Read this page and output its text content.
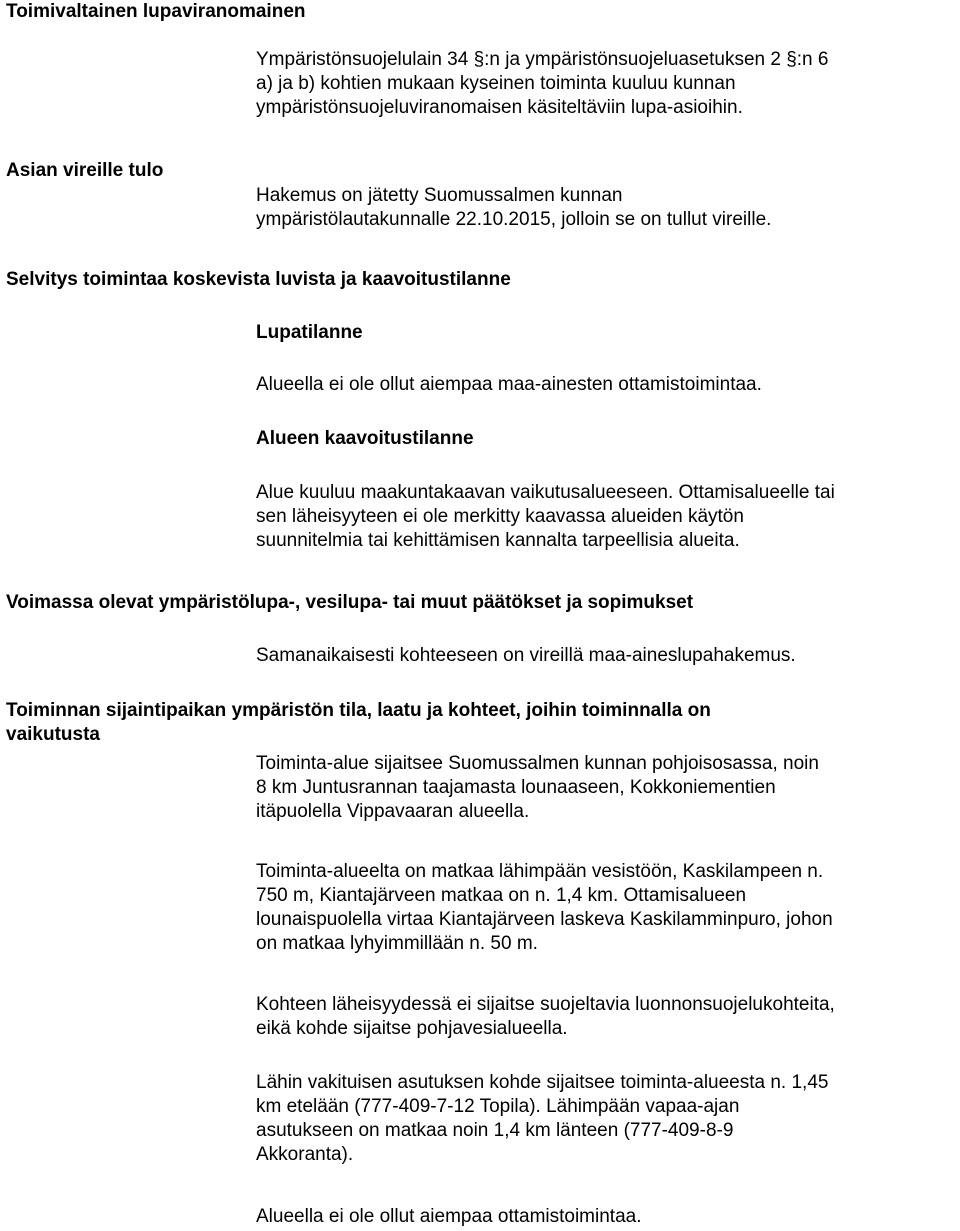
Toimivaltainen lupaviranomainen
Ympäristönsuojelulain 34 §:n ja ympäristönsuojeluasetuksen 2 §:n 6
a) ja b) kohtien mukaan kyseinen toiminta kuuluu kunnan
ympäristönsuojeluviranomaisen käsiteltäviin lupa-asioihin.
Asian vireille tulo
Hakemus on jätetty Suomussalmen kunnan
ympäristölautakunnalle 22.10.2015, jolloin se on tullut vireille.
Selvitys toimintaa koskevista luvista ja kaavoitustilanne
Lupatilanne
Alueella ei ole ollut aiempaa maa-ainesten ottamistoimintaa.
Alueen kaavoitustilanne
Alue kuuluu maakuntakaavan vaikutusalueeseen. Ottamisalueelle tai
sen läheisyyteen ei ole merkitty kaavassa alueiden käytön
suunnitelmia tai kehittämisen kannalta tarpeellisia alueita.
Voimassa olevat ympäristölupa-, vesilupa- tai muut päätökset ja sopimukset
Samanaikaisesti kohteeseen on vireillä maa-aineslupahakemus.
Toiminnan sijaintipaikan ympäristön tila, laatu ja kohteet, joihin toiminnalla on
vaikutusta
Toiminta-alue sijaitsee Suomussalmen kunnan pohjoisosassa, noin
8 km Juntusrannan taajamasta lounaaseen, Kokkoniementien
itäpuolella Vippavaaran alueella.
Toiminta-alueelta on matkaa lähimpään vesistöön, Kaskilampeen n.
750 m, Kiantajärveen matkaa on n. 1,4 km. Ottamisalueen
lounaispuolella virtaa Kiantajärveen laskeva Kaskilamminpuro, johon
on matkaa lyhyimmillään n. 50 m.
Kohteen läheisyydessä ei sijaitse suojeltavia luonnonsuojelukohteita,
eikä kohde sijaitse pohjavesialueella.
Lähin vakituisen asutuksen kohde sijaitsee toiminta-alueesta n. 1,45
km etelään (777-409-7-12 Topila). Lähimpään vapaa-ajan
asutukseen on matkaa noin 1,4 km länteen (777-409-8-9
Akkoranta).
Alueella ei ole ollut aiempaa ottamistoimintaa.
